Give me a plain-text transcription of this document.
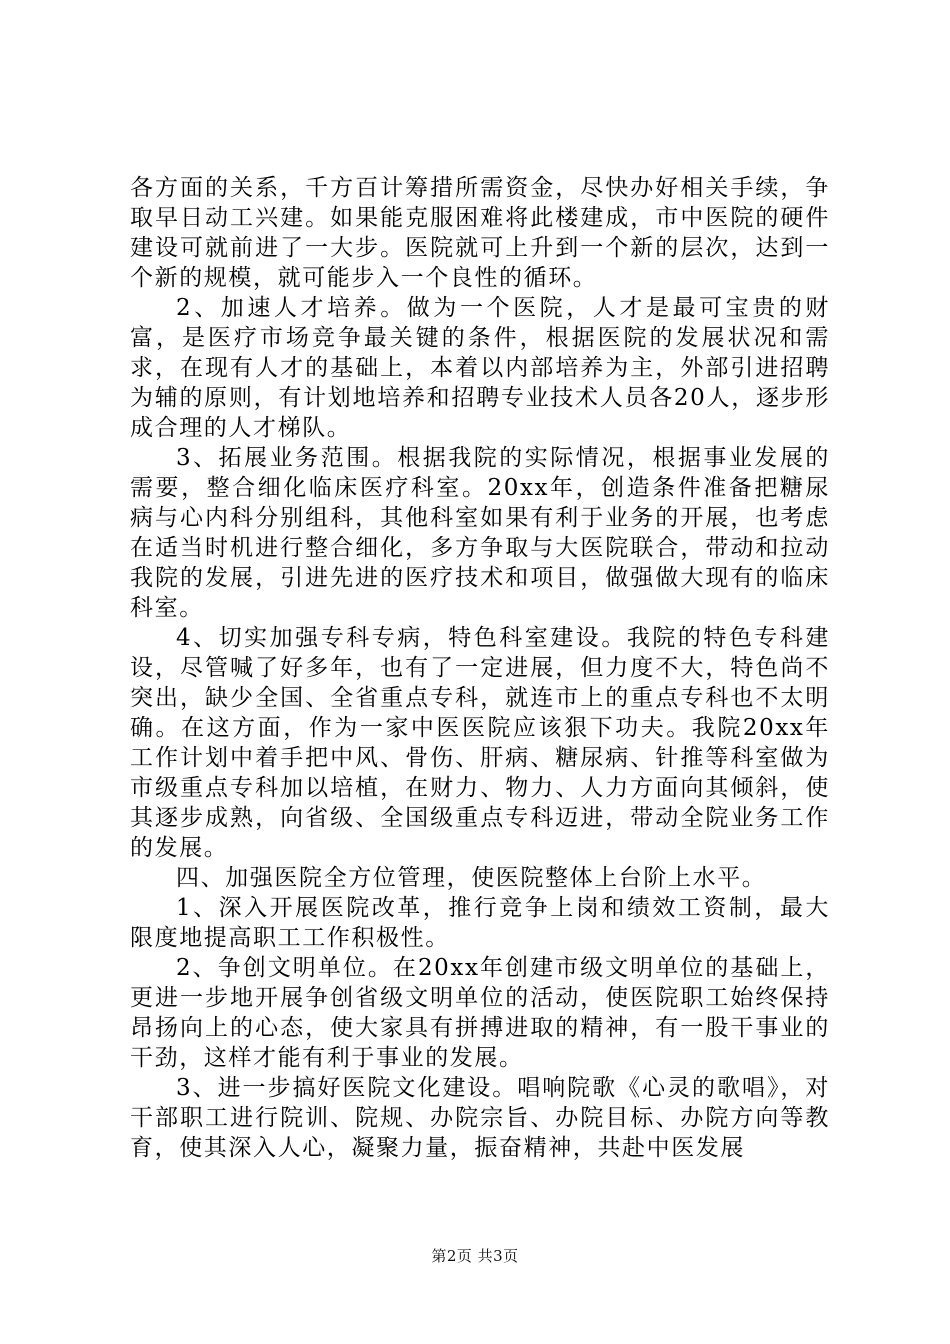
各方面的关系，千方百计筹措所需资金，尽快办好相关手续，争取早日动工兴建。如果能克服困难将此楼建成，市中医院的硬件建设可就前进了一大步。医院就可上升到一个新的层次，达到一个新的规模，就可能步入一个良性的循环。

2、加速人才培养。做为一个医院，人才是最可宝贵的财富，是医疗市场竞争最关键的条件，根据医院的发展状况和需求，在现有人才的基础上，本着以内部培养为主，外部引进招聘为辅的原则，有计划地培养和招聘专业技术人员各20人，逐步形成合理的人才梯队。

3、拓展业务范围。根据我院的实际情况，根据事业发展的需要，整合细化临床医疗科室。20xx年，创造条件准备把糖尿病与心内科分别组科，其他科室如果有利于业务的开展，也考虑在适当时机进行整合细化，多方争取与大医院联合，带动和拉动我院的发展，引进先进的医疗技术和项目，做强做大现有的临床科室。

4、切实加强专科专病，特色科室建设。我院的特色专科建设，尽管喊了好多年，也有了一定进展，但力度不大，特色尚不突出，缺少全国、全省重点专科，就连市上的重点专科也不太明确。在这方面，作为一家中医医院应该狠下功夫。我院20xx年工作计划中着手把中风、骨伤、肝病、糖尿病、针推等科室做为市级重点专科加以培植，在财力、物力、人力方面向其倾斜，使其逐步成熟，向省级、全国级重点专科迈进，带动全院业务工作的发展。

四、加强医院全方位管理，使医院整体上台阶上水平。

1、深入开展医院改革，推行竞争上岗和绩效工资制，最大限度地提高职工工作积极性。

2、争创文明单位。在20xx年创建市级文明单位的基础上，更进一步地开展争创省级文明单位的活动，使医院职工始终保持昂扬向上的心态，使大家具有拼搏进取的精神，有一股干事业的干劲，这样才能有利于事业的发展。

3、进一步搞好医院文化建设。唱响院歌《心灵的歌唱》，对干部职工进行院训、院规、办院宗旨、办院目标、办院方向等教育，使其深入人心，凝聚力量，振奋精神，共赴中医发展

第2页 共3页
